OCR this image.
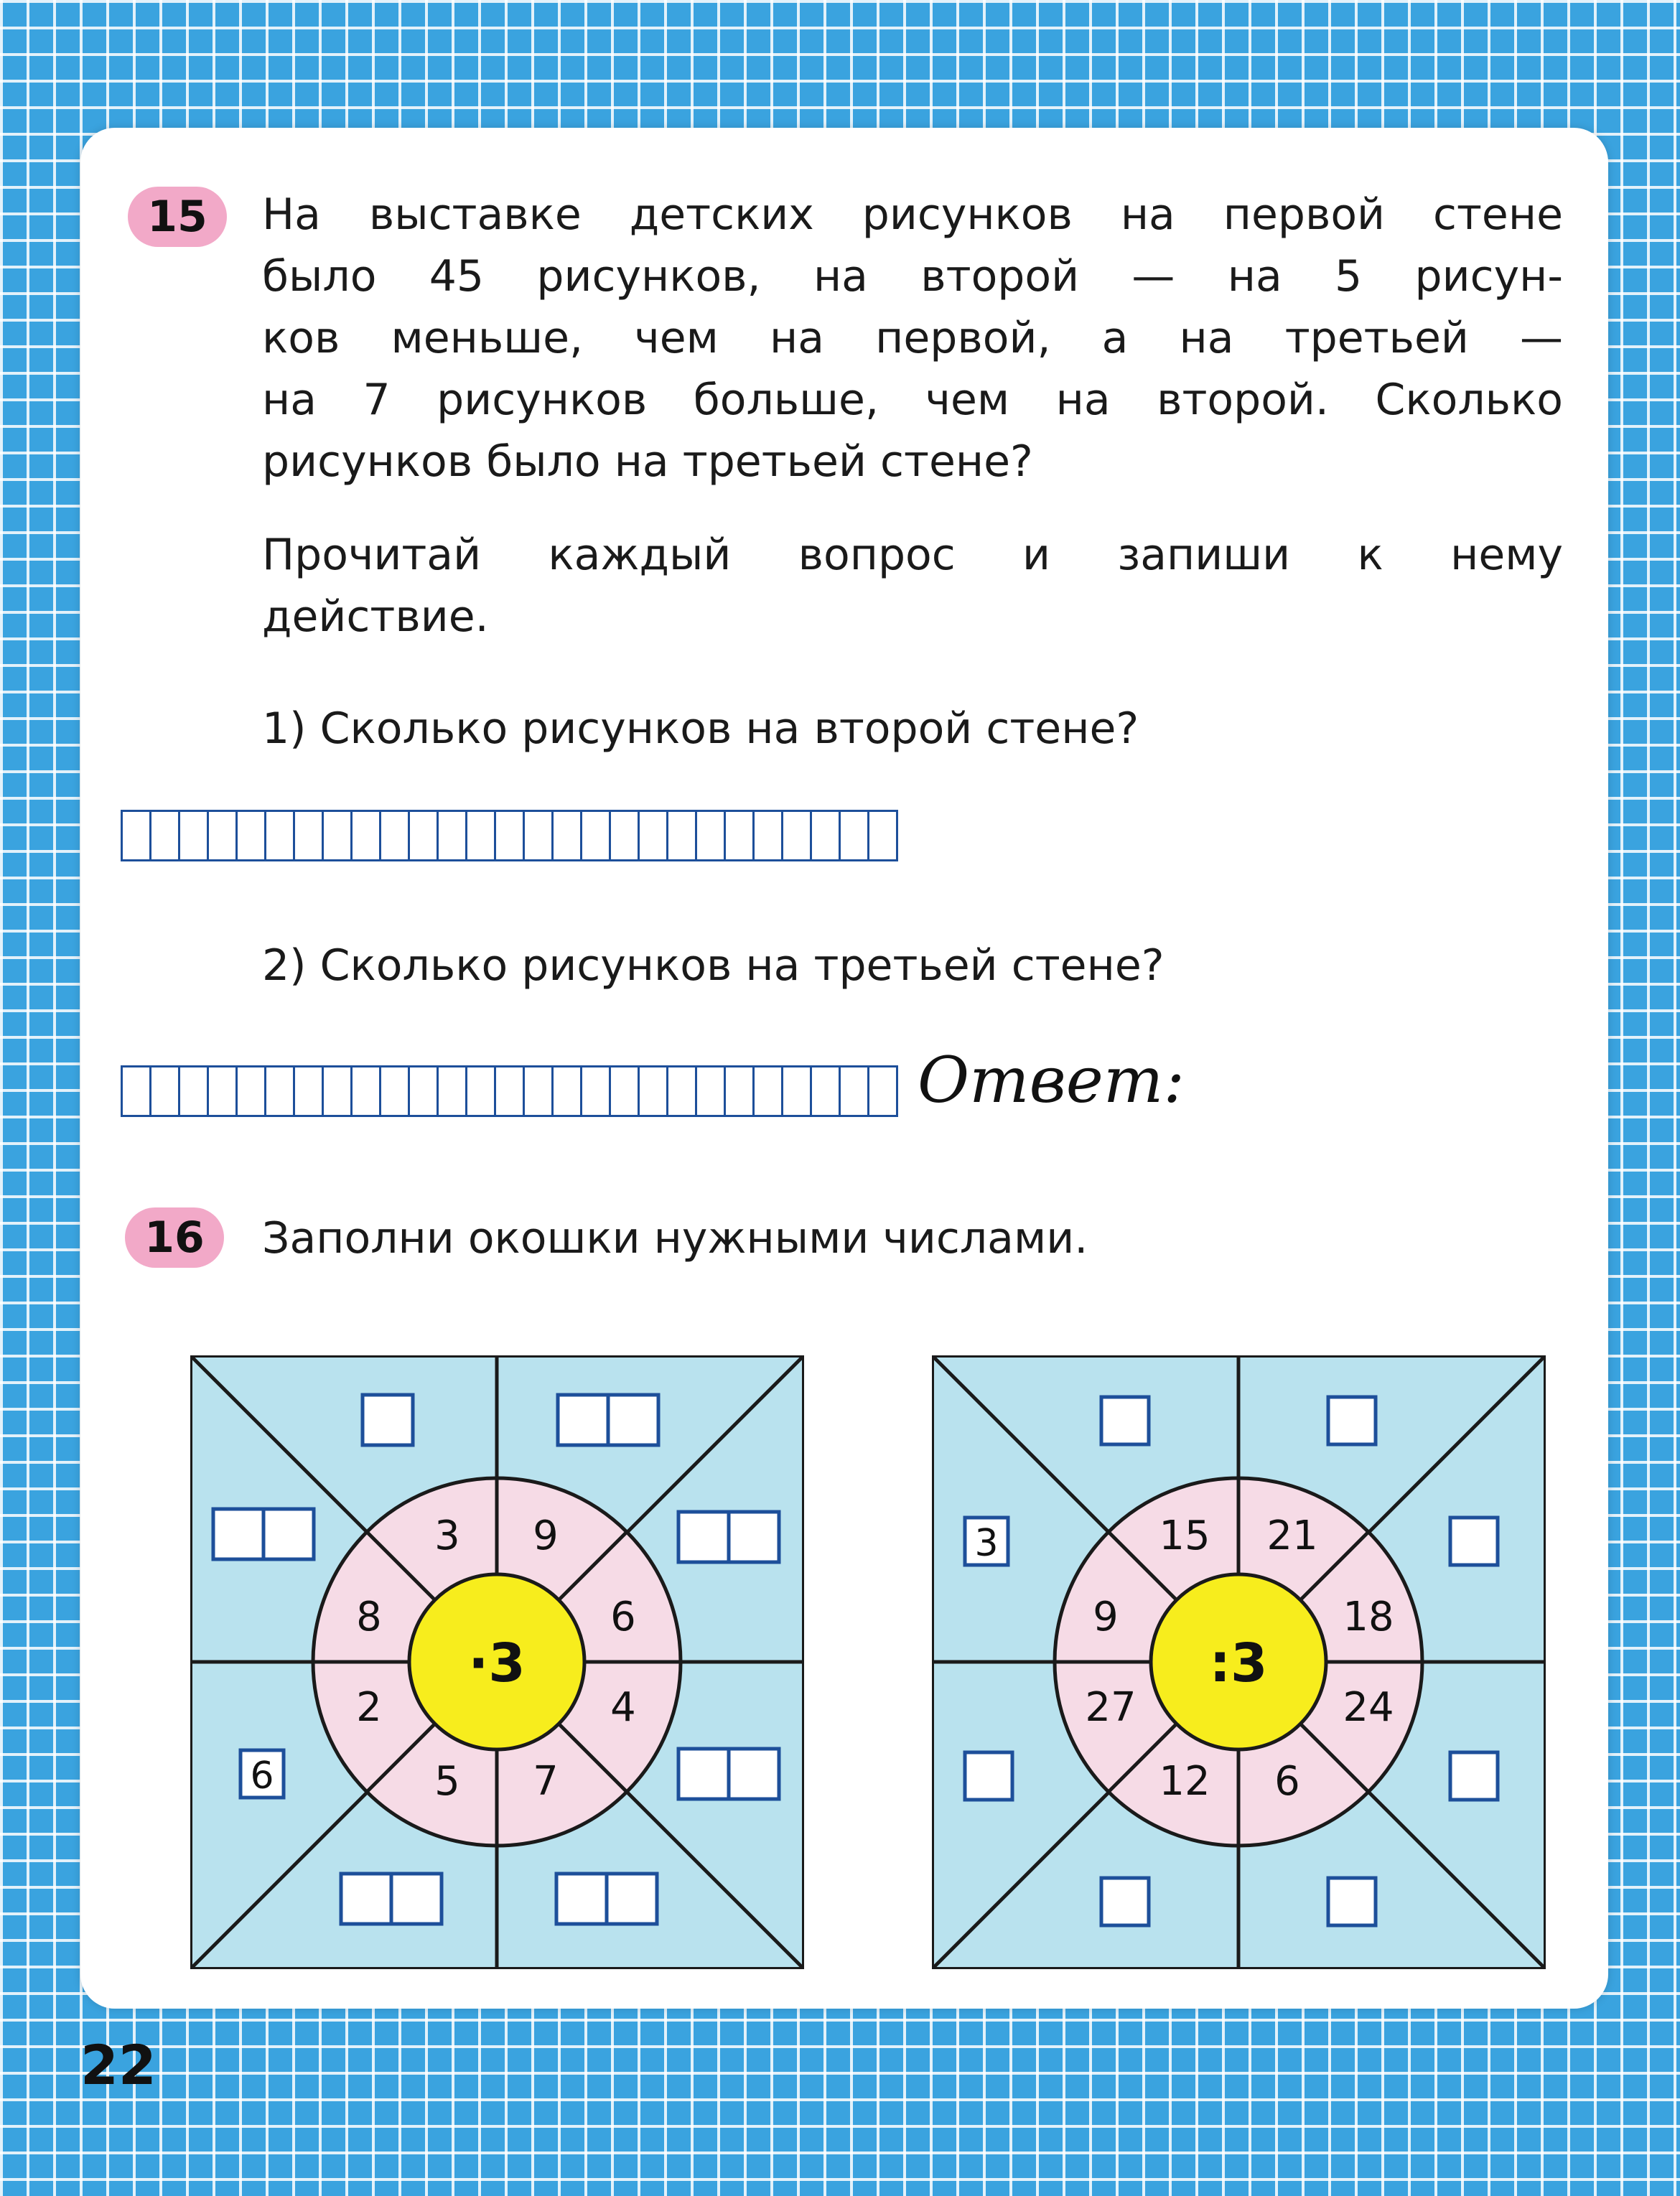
15	На выставке детских рисунков на первой стене
было 45 рисунков, на второй — на 5 рисун-
ков меньше, чем на первой, а на третьей —
на 7 рисунков больше, чем на второй. Сколько
рисунков было на третьей стене?
Прочитай каждый вопрос и запиши к нему
действие.
1) Сколько рисунков на второй стене?
2) Сколько рисунков на третьей стене?
Ответ:
16	Заполни окошки нужными числами.
·3
3 9
6
4
7
5
2
8
6
:3
15 21
18
24
6
12
27
9
3
22
